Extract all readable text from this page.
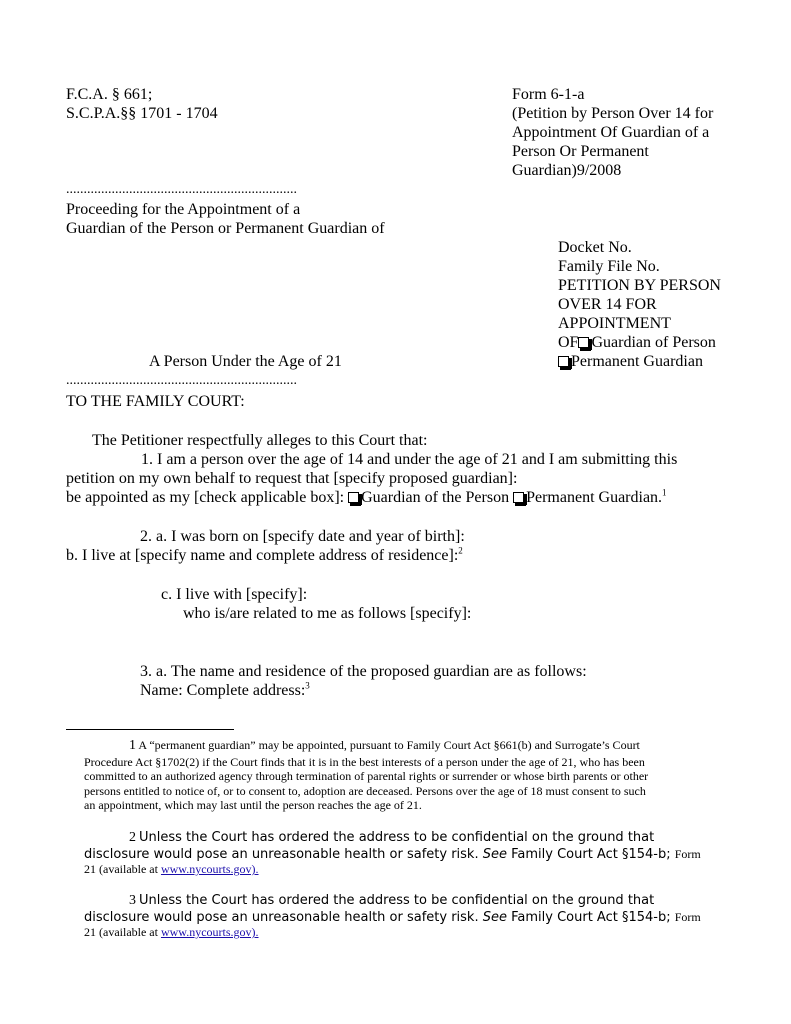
F.C.A. § 661;
S.C.P.A.§§ 1701 - 1704
Form 6-1-a
(Petition by Person Over 14 for
Appointment Of Guardian of a
Person Or Permanent
Guardian)9/2008
..................................................................
Proceeding for the Appointment of a
Guardian of the Person or Permanent Guardian of
Docket No.
Family File No.
PETITION BY PERSON
OVER 14 FOR
APPOINTMENT
OF Guardian of Person
A Person Under the Age of 21	Permanent Guardian
..................................................................
TO THE FAMILY COURT:
The Petitioner respectfully alleges to this Court that:
1. I am a person over the age of 14 and under the age of 21 and I am submitting this
petition on my own behalf to request that [specify proposed guardian]:
be appointed as my [check applicable box]: Guardian of the Person Permanent Guardian.$^1$
2. a. I was born on [specify date and year of birth]:
b. I live at [specify name and complete address of residence]:$^2$
c. I live with [specify]:
who is/are related to me as follows [specify]:
3. a. The name and residence of the proposed guardian are as follows:
Name: Complete address:$^3$
1 A “permanent guardian” may be appointed, pursuant to Family Court Act §661(b) and Surrogate’s Court
Procedure Act §1702(2) if the Court finds that it is in the best interests of a person under the age of 21, who has been
committed to an authorized agency through termination of parental rights or surrender or whose birth parents or other
persons entitled to notice of, or to consent to, adoption are deceased. Persons over the age of 18 must consent to such
an appointment, which may last until the person reaches the age of 21.
2 Unless the Court has ordered the address to be confidential on the ground that
disclosure would pose an unreasonable health or safety risk. See Family Court Act §154-b; Form
21 (available at www.nycourts.gov).
3 Unless the Court has ordered the address to be confidential on the ground that
disclosure would pose an unreasonable health or safety risk. See Family Court Act §154-b; Form
21 (available at www.nycourts.gov).
